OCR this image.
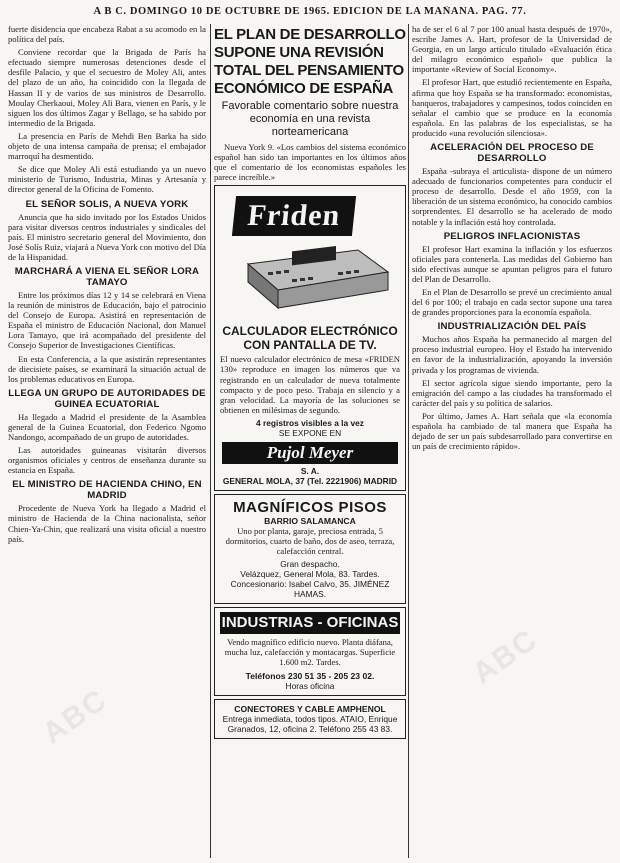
A B C. DOMINGO 10 DE OCTUBRE DE 1965. EDICION DE LA MAÑANA. PAG. 77.

fuerte disidencia que encabeza Rabat a su acomodo en la política del país.

Conviene recordar que la Brigada de París ha efectuado siempre numerosas detenciones desde el desfile Palacio, y que el secuestro de Moley Ali, antes del plazo de un año, ha coincidido con la llegada de Hassan II y de varios de sus ministros de Desarrollo. Moulay Cherkaoui, Moley Ali Bara, vienen en París, y le siguen los dos últimos Zagar y Bellago, se ha sabido por intermedio de la Brigada.

La presencia en París de Mehdi Ben Barka ha sido objeto de una intensa campaña de prensa; el embajador marroquí ha desmentido.

Se dice que Moley Ali está estudiando ya un nuevo ministerio de Turismo, Industria, Minas y Artesanía y director general de la Oficina de Fomento.

EL SEÑOR SOLIS, A NUEVA YORK

Anuncia que ha sido invitado por los Estados Unidos para visitar diversos centros industriales y sindicales del país. El ministro secretario general del Movimiento, don José Solís Ruiz, viajará a Nueva York con motivo del Día de la Hispanidad.

MARCHARÁ A VIENA EL SEÑOR LORA TAMAYO

Entre los próximos días 12 y 14 se celebrará en Viena la reunión de ministros de Educación, bajo el patrocinio del Consejo de Europa. Asistirá en representación de España el ministro de Educación Nacional, don Manuel Lora Tamayo, que irá acompañado del presidente del Consejo Superior de Investigaciones Científicas.

En esta Conferencia, a la que asistirán representantes de diecisiete países, se examinará la situación actual de los problemas educativos en Europa.

LLEGA UN GRUPO DE AUTORIDADES DE GUINEA ECUATORIAL

Ha llegado a Madrid el presidente de la Asamblea general de la Guinea Ecuatorial, don Federico Ngomo Nandongo, acompañado de un grupo de autoridades.

Las autoridades guineanas visitarán diversos organismos oficiales y centros de enseñanza durante su estancia en España.

EL MINISTRO DE HACIENDA CHINO, EN MADRID

Procedente de Nueva York ha llegado a Madrid el ministro de Hacienda de la China nacionalista, señor Chien-Ya-Chin, que realizará una visita oficial a nuestro país.

EL PLAN DE DESARROLLO SUPONE UNA REVISIÓN TOTAL DEL PENSAMIENTO ECONÓMICO DE ESPAÑA
Favorable comentario sobre nuestra economía en una revista norteamericana

Nueva York 9. «Los cambios del sistema económico español han sido tan importantes en los últimos años que el comentario de los economistas españoles les parece increíble.»

Friden
CALCULADOR ELECTRÓNICO CON PANTALLA DE TV.

El nuevo calculador electrónico de mesa «FRIDEN 130» reproduce en imagen los números que va registrando en un calculador de nueva totalmente compacto y de poco peso. Trabaja en silencio y a gran velocidad. La mayoría de las soluciones se obtienen en milésimas de segundo.

4 registros visibles a la vez
SE EXPONE EN
Pujol Meyer
S. A.
GENERAL MOLA, 37 (Tel. 2221906) MADRID
MAGNÍFICOS PISOS
BARRIO SALAMANCA

Uno por planta, garaje, preciosa entrada, 5 dormitorios, cuarto de baño, dos de aseo, terraza, calefacción central.

Gran despacho.
Velázquez, General Mola, 83. Tardes. Concesionario: Isabel Calvo, 35. JIMÉNEZ HAMAS.
INDUSTRIAS - OFICINAS

Vendo magnífico edificio nuevo. Planta diáfana, mucha luz, calefacción y montacargas. Superficie 1.600 m2. Tardes.

Teléfonos 230 51 35 - 205 23 02.
Horas oficina
CONECTORES Y CABLE AMPHENOL
Entrega inmediata, todos tipos. ATAIO, Enrique Granados, 12, oficina 2. Teléfono 255 43 83.

ha de ser el 6 al 7 por 100 anual hasta después de 1970», escribe James A. Hart, profesor de la Universidad de Georgia, en un largo artículo titulado «Evaluación ética del milagro económico español» que publica la importante «Review of Social Economy».

El profesor Hart, que estudió recientemente en España, afirma que hoy España se ha transformado: economistas, banqueros, trabajadores y campesinos, todos coinciden en señalar el cambio que se produce en la economía española. En las palabras de los especialistas, se ha producido «una revolución silenciosa».

ACELERACIÓN DEL PROCESO DE DESARROLLO

España -subraya el articulista- dispone de un número adecuado de funcionarios competentes para conducir el proceso de desarrollo. Desde el año 1959, con la liberación de un sistema económico, ha conocido cambios sorprendentes. El desarrollo se ha acelerado de modo notable y la inflación está hoy controlada.

PELIGROS INFLACIONISTAS

El profesor Hart examina la inflación y los esfuerzos oficiales para contenerla. Las medidas del Gobierno han sido efectivas aunque se apuntan peligros para el futuro del Plan de Desarrollo.

En el Plan de Desarrollo se prevé un crecimiento anual del 6 por 100; el trabajo en cada sector supone una tarea de grandes proporciones para la economía española.

INDUSTRIALIZACIÓN DEL PAÍS

Muchos años España ha permanecido al margen del proceso industrial europeo. Hoy el Estado ha intervenido en favor de la industrialización, apoyando la inversión privada y los programas de vivienda.

El sector agrícola sigue siendo importante, pero la emigración del campo a las ciudades ha transformado el carácter del país y su política de salarios.

Por último, James A. Hart señala que «la economía española ha cambiado de tal manera que España ha dejado de ser un país subdesarrollado para convertirse en un país de crecimiento rápido».

ABC
ABC
